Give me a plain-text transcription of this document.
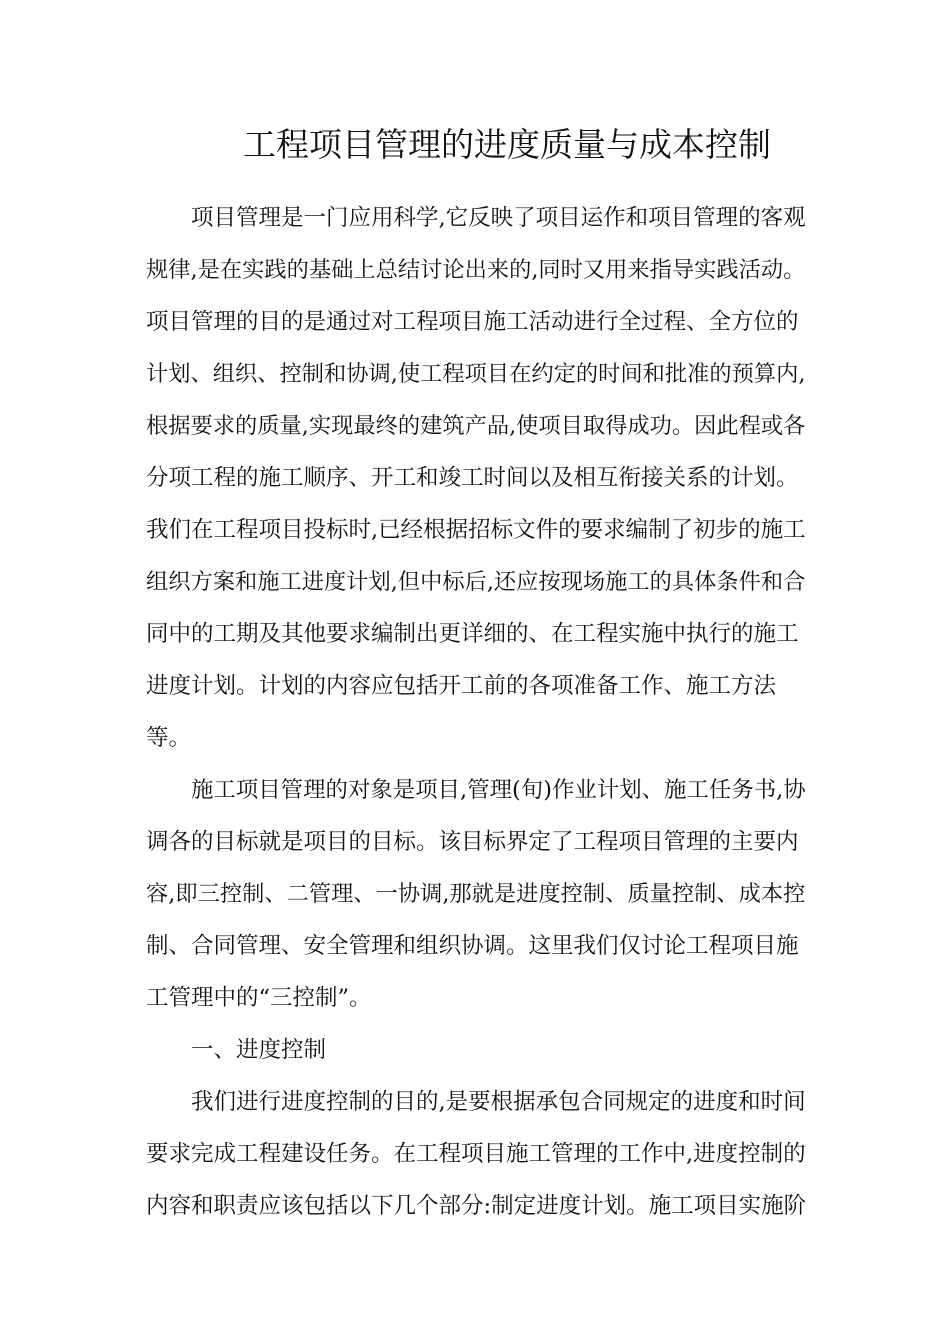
工程项目管理的进度质量与成本控制
项目管理是一门应用科学,它反映了项目运作和项目管理的客观
规律,是在实践的基础上总结讨论出来的,同时又用来指导实践活动。
项目管理的目的是通过对工程项目施工活动进行全过程、全方位的
计划、组织、控制和协调,使工程项目在约定的时间和批准的预算内,
根据要求的质量,实现最终的建筑产品,使项目取得成功。因此程或各
分项工程的施工顺序、开工和竣工时间以及相互衔接关系的计划。
我们在工程项目投标时,已经根据招标文件的要求编制了初步的施工
组织方案和施工进度计划,但中标后,还应按现场施工的具体条件和合
同中的工期及其他要求编制出更详细的、在工程实施中执行的施工
进度计划。计划的内容应包括开工前的各项准备工作、施工方法
等。
施工项目管理的对象是项目,管理(旬)作业计划、施工任务书,协
调各的目标就是项目的目标。该目标界定了工程项目管理的主要内
容,即三控制、二管理、一协调,那就是进度控制、质量控制、成本控
制、合同管理、安全管理和组织协调。这里我们仅讨论工程项目施
工管理中的“三控制”。
一、进度控制
我们进行进度控制的目的,是要根据承包合同规定的进度和时间
要求完成工程建设任务。在工程项目施工管理的工作中,进度控制的
内容和职责应该包括以下几个部分:制定进度计划。施工项目实施阶
